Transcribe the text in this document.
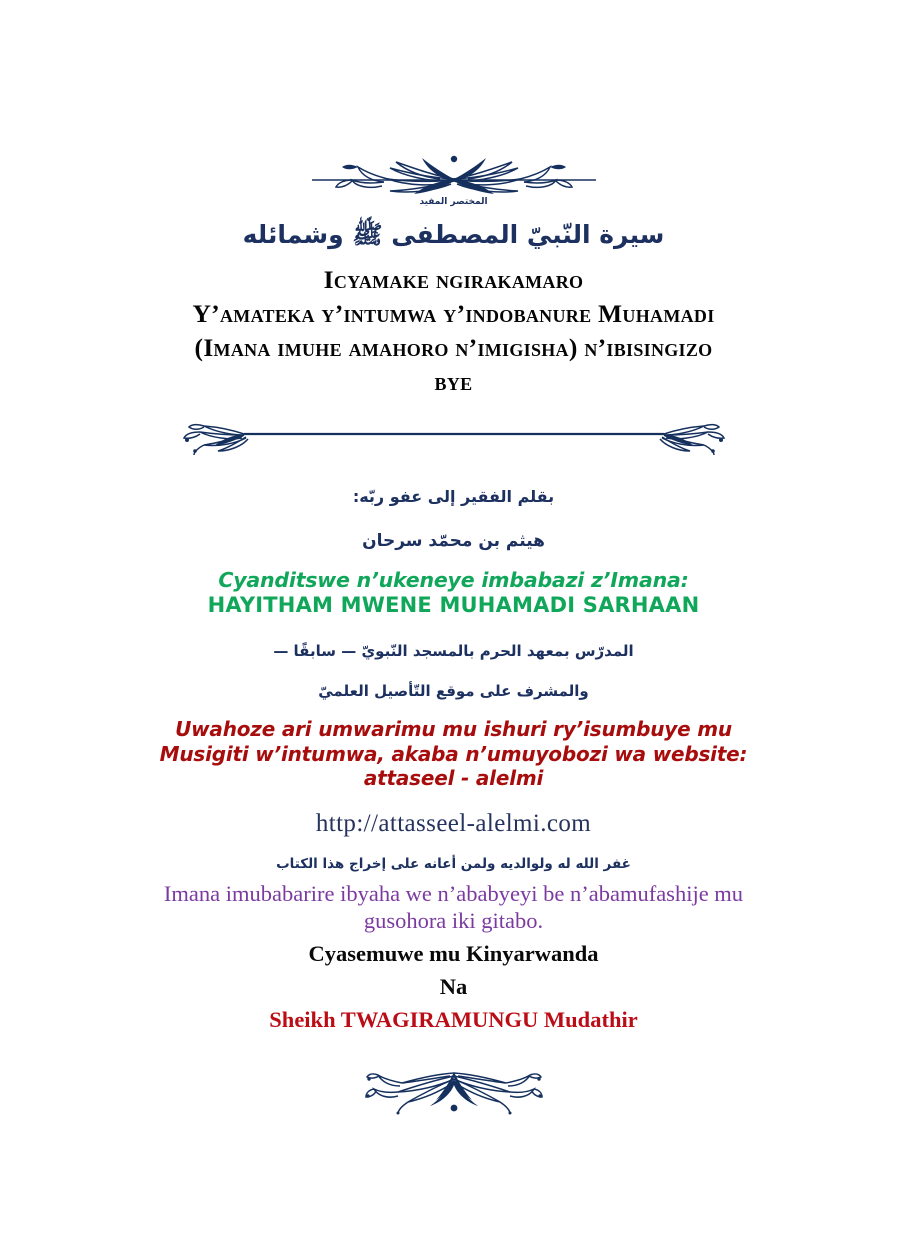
المختصر المفيد
سيرة النّبيّ المصطفى ﷺ وشمائله
Icyamake ngirakamaro
Y’amateka y’intumwa y’indobanure Muhamadi
(Imana imuhe amahoro n’imigisha) n’ibisingizo
bye
بقلم الفقير إلى عفو ربّه:
هيثم بن محمّد سرحان
Cyanditswe n’ukeneye imbabazi z’Imana:
HAYITHAM MWENE MUHAMADI SARHAAN
المدرّس بمعهد الحرم بالمسجد النّبويّ — سابقًا —
والمشرف على موقع التّأصيل العلميّ
Uwahoze ari umwarimu mu ishuri ry’isumbuye mu
Musigiti w’intumwa, akaba n’umuyobozi wa website:
attaseel - alelmi
http://attasseel-alelmi.com
غفر الله له ولوالديه ولمن أعانه على إخراج هذا الكتاب
Imana imubabarire ibyaha we n’ababyeyi be n’abamufashije mu
gusohora iki gitabo.
Cyasemuwe mu Kinyarwanda
Na
Sheikh TWAGIRAMUNGU Mudathir
